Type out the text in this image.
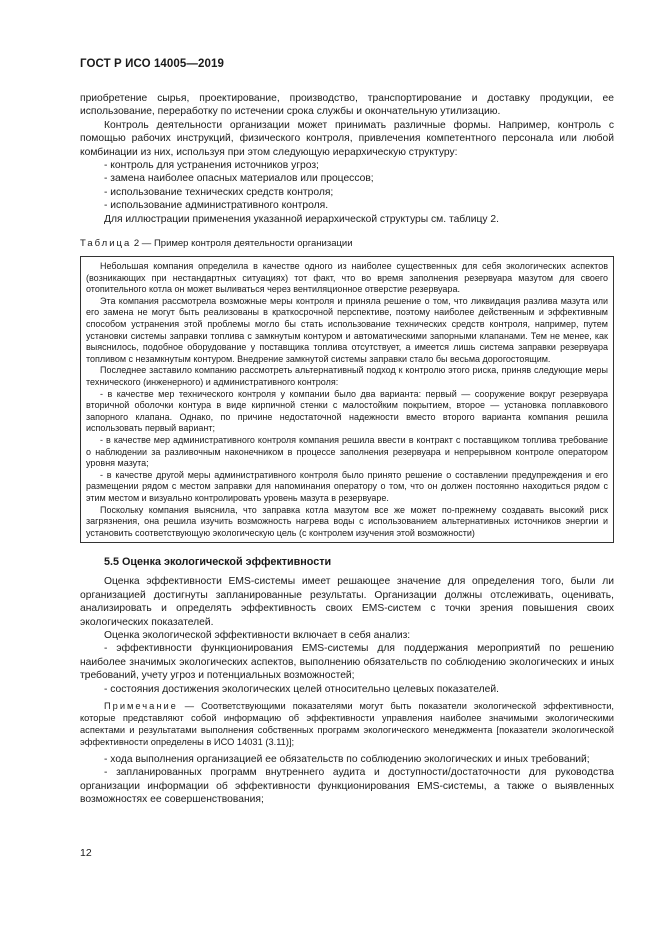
ГОСТ Р ИСО 14005—2019

приобретение сырья, проектирование, производство, транспортирование и доставку продукции, ее использование, переработку по истечении срока службы и окончательную утилизацию.

Контроль деятельности организации может принимать различные формы. Например, контроль с помощью рабочих инструкций, физического контроля, привлечения компетентного персонала или любой комбинации из них, используя при этом следующую иерархическую структуру:

- контроль для устранения источников угроз;

- замена наиболее опасных материалов или процессов;

- использование технических средств контроля;

- использование административного контроля.

Для иллюстрации применения указанной иерархической структуры см. таблицу 2.

Таблица 2 — Пример контроля деятельности организации

Небольшая компания определила в качестве одного из наиболее существенных для себя экологических аспектов (возникающих при нестандартных ситуациях) тот факт, что во время заполнения резервуара мазутом для своего отопительного котла он может выливаться через вентиляционное отверстие резервуара.

Эта компания рассмотрела возможные меры контроля и приняла решение о том, что ликвидация разлива мазута или его замена не могут быть реализованы в краткосрочной перспективе, поэтому наиболее действенным и эффективным способом устранения этой проблемы могло бы стать использование технических средств контроля, например, путем установки системы заправки топлива с замкнутым контуром и автоматическими запорными клапанами. Тем не менее, как выяснилось, подобное оборудование у поставщика топлива отсутствует, а имеется лишь система заправки резервуара топливом с незамкнутым контуром. Внедрение замкнутой системы заправки стало бы весьма дорогостоящим.

Последнее заставило компанию рассмотреть альтернативный подход к контролю этого риска, приняв следующие меры технического (инженерного) и административного контроля:

- в качестве мер технического контроля у компании было два варианта: первый — сооружение вокруг резервуара вторичной оболочки контура в виде кирпичной стенки с малостойким покрытием, второе — установка поплавкового запорного клапана. Однако, по причине недостаточной надежности вместо второго варианта компания решила использовать первый вариант;

- в качестве мер административного контроля компания решила ввести в контракт с поставщиком топлива требование о наблюдении за разливочным наконечником в процессе заполнения резервуара и непрерывном контроле оператором уровня мазута;

- в качестве другой меры административного контроля было принято решение о составлении предупреждения и его размещении рядом с местом заправки для напоминания оператору о том, что он должен постоянно находиться рядом с этим местом и визуально контролировать уровень мазута в резервуаре.

Поскольку компания выяснила, что заправка котла мазутом все же может по-прежнему создавать высокий риск загрязнения, она решила изучить возможность нагрева воды с использованием альтернативных источников энергии и установить соответствующую экологическую цель (с контролем изучения этой возможности)

5.5 Оценка экологической эффективности

Оценка эффективности EMS-системы имеет решающее значение для определения того, были ли организацией достигнуты запланированные результаты. Организации должны отслеживать, оценивать, анализировать и определять эффективность своих EMS-систем с точки зрения повышения своих экологических показателей.

Оценка экологической эффективности включает в себя анализ:

- эффективности функционирования EMS-системы для поддержания мероприятий по решению наиболее значимых экологических аспектов, выполнению обязательств по соблюдению экологических и иных требований, учету угроз и потенциальных возможностей;

- состояния достижения экологических целей относительно целевых показателей.

Примечание — Соответствующими показателями могут быть показатели экологической эффективности, которые представляют собой информацию об эффективности управления наиболее значимыми экологическими аспектами и результатами выполнения собственных программ экологического менеджмента [показатели экологической эффективности определены в ИСО 14031 (3.11)];

- хода выполнения организацией ее обязательств по соблюдению экологических и иных требований;

- запланированных программ внутреннего аудита и доступности/достаточности для руководства организации информации об эффективности функционирования EMS-системы, а также о выявленных возможностях ее совершенствования;

12
